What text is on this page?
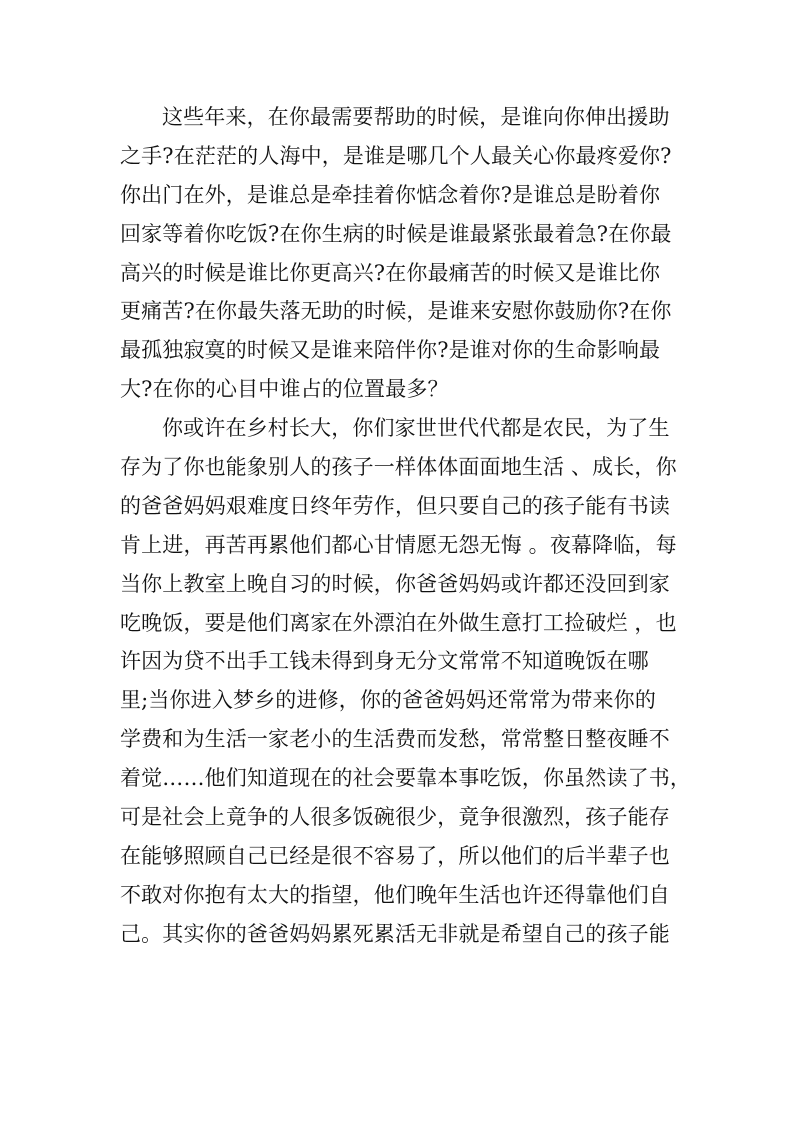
这些年来，在你最需要帮助的时候，是谁向你伸出援助
之手?在茫茫的人海中，是谁是哪几个人最关心你最疼爱你?
你出门在外，是谁总是牵挂着你惦念着你?是谁总是盼着你
回家等着你吃饭?在你生病的时候是谁最紧张最着急?在你最
高兴的时候是谁比你更高兴?在你最痛苦的时候又是谁比你
更痛苦?在你最失落无助的时候，是谁来安慰你鼓励你?在你
最孤独寂寞的时候又是谁来陪伴你?是谁对你的生命影响最
大?在你的心目中谁占的位置最多？
你或许在乡村长大，你们家世世代代都是农民，为了生
存为了你也能象别人的孩子一样体体面面地生活 、成长，你
的爸爸妈妈艰难度日终年劳作，但只要自己的孩子能有书读
肯上进，再苦再累他们都心甘情愿无怨无悔 。夜幕降临，每
当你上教室上晚自习的时候，你爸爸妈妈或许都还没回到家
吃晚饭，要是他们离家在外漂泊在外做生意打工捡破烂 ，也
许因为贷不出手工钱未得到身无分文常常不知道晚饭在哪
里;当你进入梦乡的进修，你的爸爸妈妈还常常为带来你的
学费和为生活一家老小的生活费而发愁，常常整日整夜睡不
着觉……他们知道现在的社会要靠本事吃饭，你虽然读了书，
可是社会上竟争的人很多饭碗很少，竟争很激烈，孩子能存
在能够照顾自己已经是很不容易了，所以他们的后半辈子也
不敢对你抱有太大的指望，他们晚年生活也许还得靠他们自
己。其实你的爸爸妈妈累死累活无非就是希望自己的孩子能
